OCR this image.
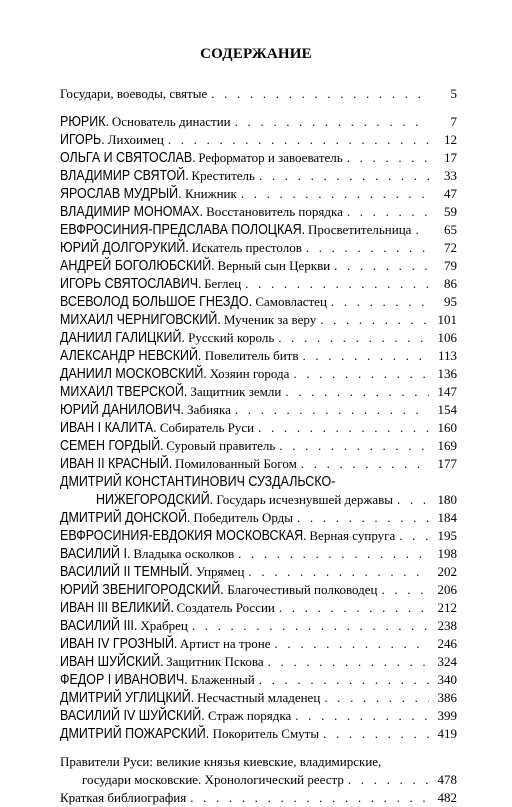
СОДЕРЖАНИЕ
Государи, воеводы, святые . . .	5
РЮРИК. Основатель династии . . .	7
ИГОРЬ. Лихоимец . . .	12
ОЛЬГА И СВЯТОСЛАВ. Реформатор и завоеватель . . .	17
ВЛАДИМИР СВЯТОЙ. Креститель . . .	33
ЯРОСЛАВ МУДРЫЙ. Книжник . . .	47
ВЛАДИМИР МОНОМАХ. Восстановитель порядка . . .	59
ЕВФРОСИНИЯ-ПРЕДСЛАВА ПОЛОЦКАЯ. Просветительница . . .	65
ЮРИЙ ДОЛГОРУКИЙ. Искатель престолов . . .	72
АНДРЕЙ БОГОЛЮБСКИЙ. Верный сын Церкви . . .	79
ИГОРЬ СВЯТОСЛАВИЧ. Беглец . . .	86
ВСЕВОЛОД БОЛЬШОЕ ГНЕЗДО. Самовластец . . .	95
МИХАИЛ ЧЕРНИГОВСКИЙ. Мученик за веру . . .	101
ДАНИИЛ ГАЛИЦКИЙ. Русский король . . .	106
АЛЕКСАНДР НЕВСКИЙ. Повелитель битв . . .	113
ДАНИИЛ МОСКОВСКИЙ. Хозяин города . . .	136
МИХАИЛ ТВЕРСКОЙ. Защитник земли . . .	147
ЮРИЙ ДАНИЛОВИЧ. Забияка . . .	154
ИВАН I КАЛИТА. Собиратель Руси . . .	160
СЕМЕН ГОРДЫЙ. Суровый правитель . . .	169
ИВАН II КРАСНЫЙ. Помилованный Богом . . .	177
ДМИТРИЙ КОНСТАНТИНОВИЧ СУЗДАЛЬСКО-
НИЖЕГОРОДСКИЙ. Государь исчезнувшей державы . . .	180
ДМИТРИЙ ДОНСКОЙ. Победитель Орды . . .	184
ЕВФРОСИНИЯ-ЕВДОКИЯ МОСКОВСКАЯ. Верная супруга . . .	195
ВАСИЛИЙ I. Владыка осколков . . .	198
ВАСИЛИЙ II ТЕМНЫЙ. Упрямец . . .	202
ЮРИЙ ЗВЕНИГОРОДСКИЙ. Благочестивый полководец . . .	206
ИВАН III ВЕЛИКИЙ. Создатель России . . .	212
ВАСИЛИЙ III. Храбрец . . .	238
ИВАН IV ГРОЗНЫЙ. Артист на троне . . .	246
ИВАН ШУЙСКИЙ. Защитник Пскова . . .	324
ФЕДОР I ИВАНОВИЧ. Блаженный . . .	340
ДМИТРИЙ УГЛИЦКИЙ. Несчастный младенец . . .	386
ВАСИЛИЙ IV ШУЙСКИЙ. Страж порядка . . .	399
ДМИТРИЙ ПОЖАРСКИЙ. Покоритель Смуты . . .	419
Правители Руси: великие князья киевские, владимирские,
государи московские. Хронологический реестр . . .	478
Краткая библиография . . .	482
